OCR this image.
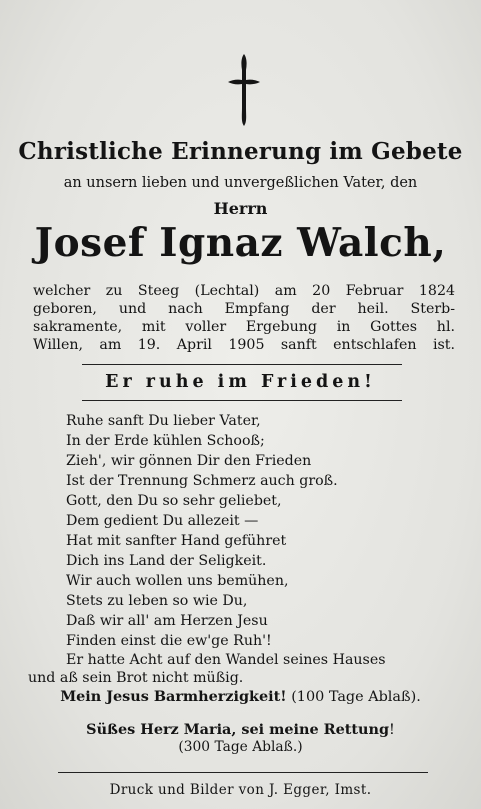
Christliche Erinnerung im Gebete
an unsern lieben und unvergeßlichen Vater, den
Herrn
Josef Ignaz Walch,
welcher zu Steeg (Lechtal) am 20 Februar 1824
geboren, und nach Empfang der heil. Sterb-
sakramente, mit voller Ergebung in Gottes hl.
Willen, am 19. April 1905 sanft entschlafen ist.
Er ruhe im Frieden!
Ruhe sanft Du lieber Vater,
In der Erde kühlen Schooß;
Zieh', wir gönnen Dir den Frieden
Ist der Trennung Schmerz auch groß.
Gott, den Du so sehr geliebet,
Dem gedient Du allezeit —
Hat mit sanfter Hand geführet
Dich ins Land der Seligkeit.
Wir auch wollen uns bemühen,
Stets zu leben so wie Du,
Daß wir all' am Herzen Jesu
Finden einst die ew'ge Ruh'!
Er hatte Acht auf den Wandel seines Hauses
und aß sein Brot nicht müßig.
Mein Jesus Barmherzigkeit! (100 Tage Ablaß).
Süßes Herz Maria, sei meine Rettung!
(300 Tage Ablaß.)
Druck und Bilder von J. Egger, Imst.
